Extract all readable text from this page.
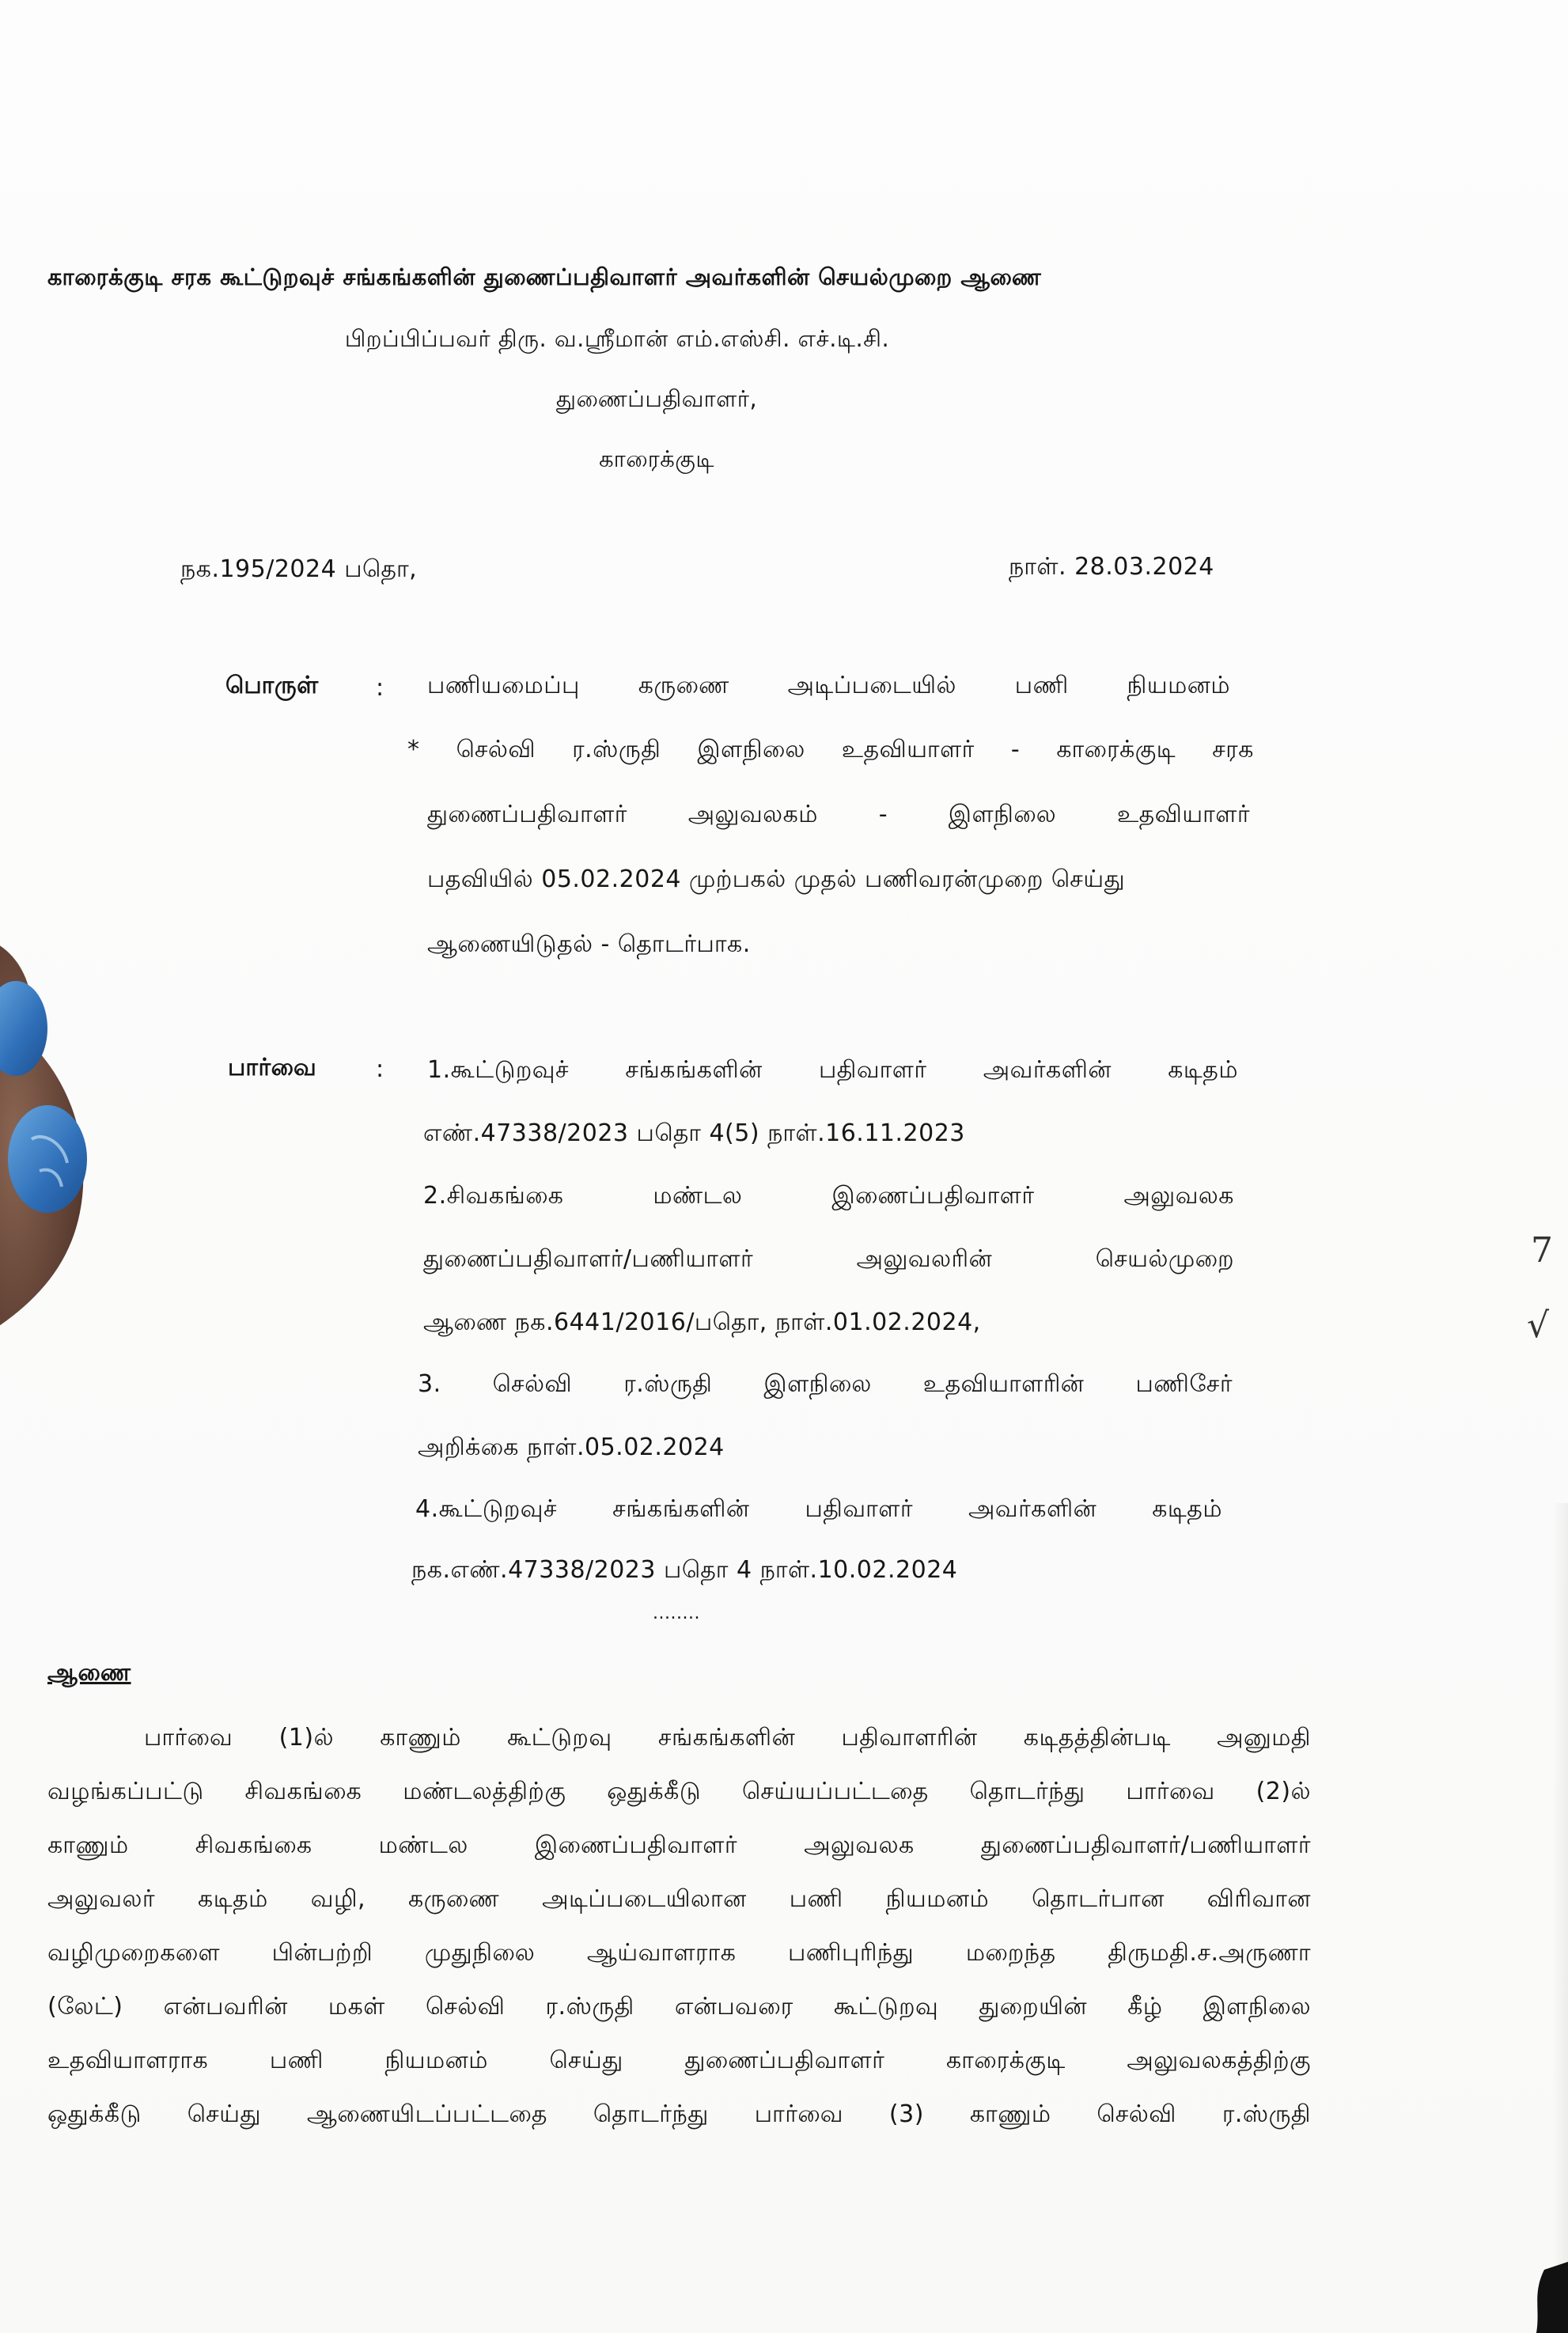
காரைக்குடி சரக கூட்டுறவுச் சங்கங்களின் துணைப்பதிவாளர் அவர்களின் செயல்முறை ஆணை
பிறப்பிப்பவர் திரு. வ.ஸ்ரீமான் எம்.எஸ்சி. எச்.டி.சி.
துணைப்பதிவாளர்,
காரைக்குடி
நக.195/2024 பதொ,	நாள். 28.03.2024
பொருள் : பணியமைப்பு கருணை அடிப்படையில் பணி நியமனம்
* செல்வி ர.ஸ்ருதி இளநிலை உதவியாளர் - காரைக்குடி சரக
துணைப்பதிவாளர் அலுவலகம் - இளநிலை உதவியாளர்
பதவியில் 05.02.2024 முற்பகல் முதல் பணிவரன்முறை செய்து
ஆணையிடுதல் - தொடர்பாக.
பார்வை : 1.கூட்டுறவுச் சங்கங்களின் பதிவாளர் அவர்களின் கடிதம்
எண்.47338/2023 பதொ 4(5) நாள்.16.11.2023
2.சிவகங்கை மண்டல இணைப்பதிவாளர் அலுவலக
துணைப்பதிவாளர்/பணியாளர் அலுவலரின் செயல்முறை
ஆணை நக.6441/2016/பதொ, நாள்.01.02.2024,
3. செல்வி ர.ஸ்ருதி இளநிலை உதவியாளரின் பணிசேர்
அறிக்கை நாள்.05.02.2024
4.கூட்டுறவுச் சங்கங்களின் பதிவாளர் அவர்களின் கடிதம்
நக.எண்.47338/2023 பதொ 4 நாள்.10.02.2024
........
ஆணை
பார்வை (1)ல் காணும் கூட்டுறவு சங்கங்களின் பதிவாளரின் கடிதத்தின்படி அனுமதி
வழங்கப்பட்டு சிவகங்கை மண்டலத்திற்கு ஒதுக்கீடு செய்யப்பட்டதை தொடர்ந்து பார்வை (2)ல்
காணும் சிவகங்கை மண்டல இணைப்பதிவாளர் அலுவலக துணைப்பதிவாளர்/பணியாளர்
அலுவலர் கடிதம் வழி, கருணை அடிப்படையிலான பணி நியமனம் தொடர்பான விரிவான
வழிமுறைகளை பின்பற்றி முதுநிலை ஆய்வாளராக பணிபுரிந்து மறைந்த திருமதி.ச.அருணா
(லேட்) என்பவரின் மகள் செல்வி ர.ஸ்ருதி என்பவரை கூட்டுறவு துறையின் கீழ் இளநிலை
உதவியாளராக பணி நியமனம் செய்து துணைப்பதிவாளர் காரைக்குடி அலுவலகத்திற்கு
ஒதுக்கீடு செய்து ஆணையிடப்பட்டதை தொடர்ந்து பார்வை (3) காணும் செல்வி ர.ஸ்ருதி
7
√
